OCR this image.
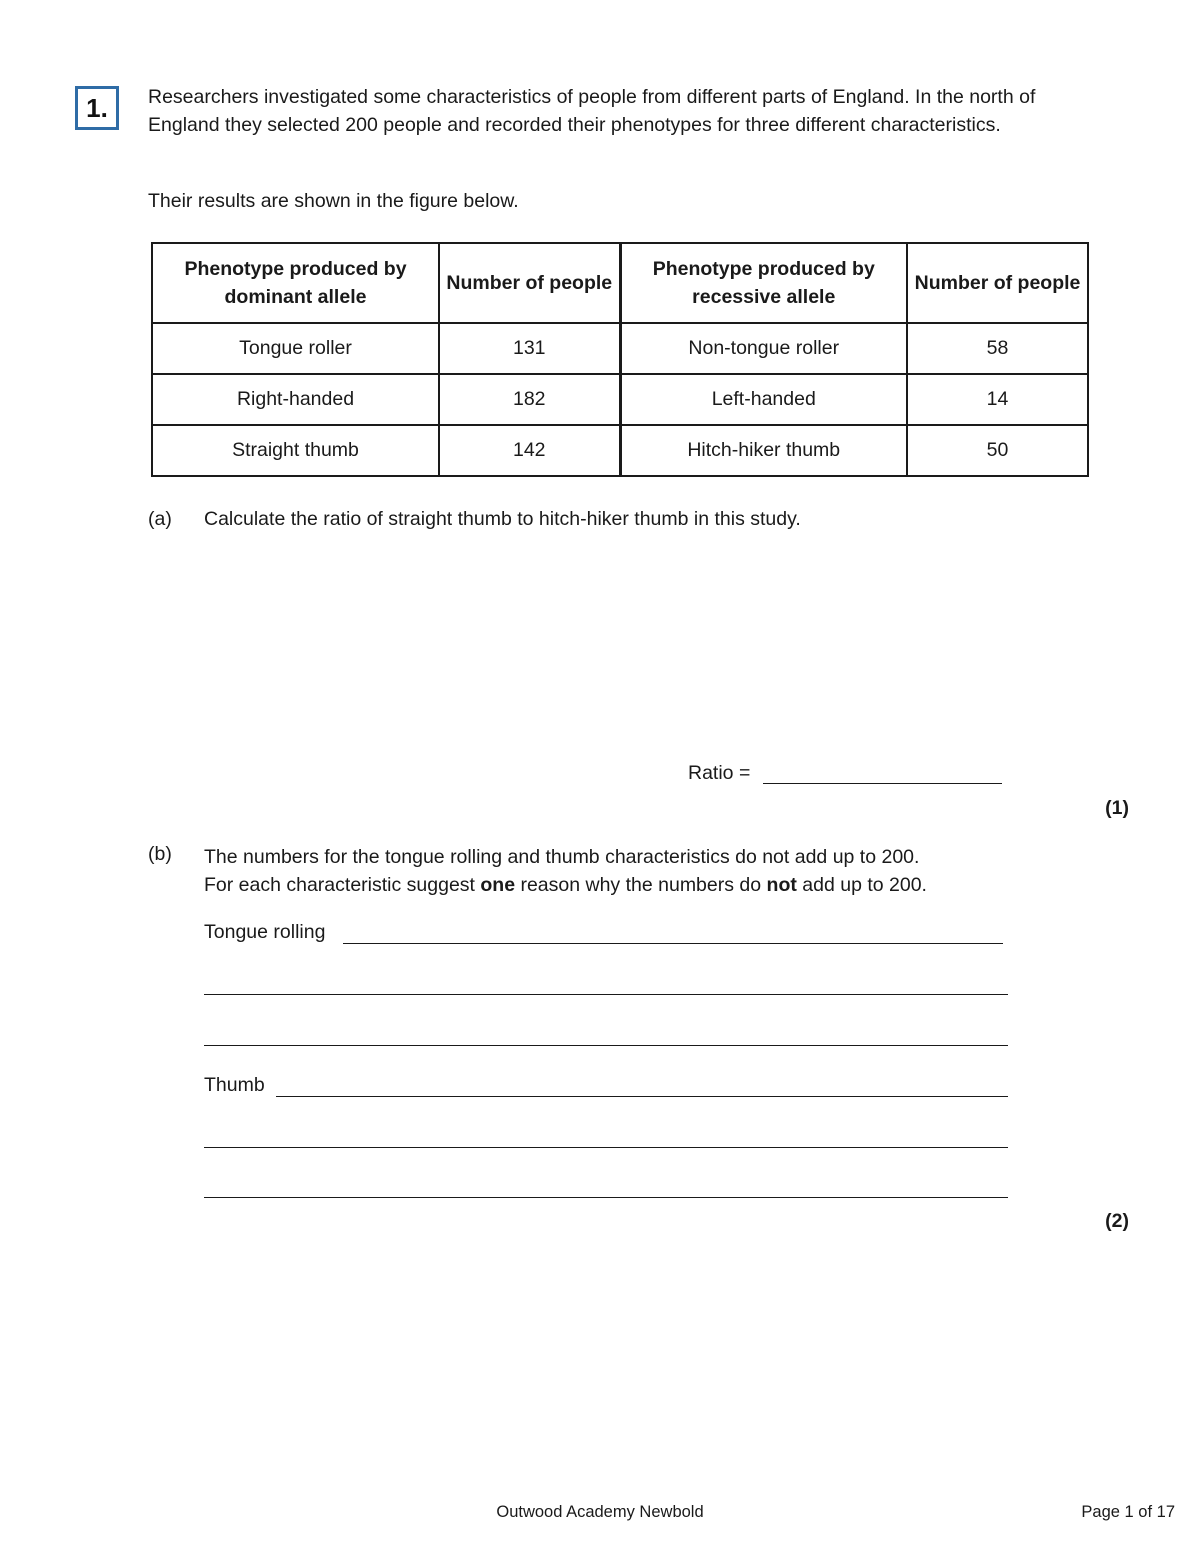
1. Researchers investigated some characteristics of people from different parts of England. In the north of England they selected 200 people and recorded their phenotypes for three different characteristics.

Their results are shown in the figure below.
Phenotype produced by dominant allele	Number of people	Phenotype produced by recessive allele	Number of people
Tongue roller	131	Non-tongue roller	58
Right-handed	182	Left-handed	14
Straight thumb	142	Hitch-hiker thumb	50
(a) Calculate the ratio of straight thumb to hitch-hiker thumb in this study.
Ratio =
(1)
(b) The numbers for the tongue rolling and thumb characteristics do not add up to 200.

For each characteristic suggest one reason why the numbers do not add up to 200.

Tongue rolling
Thumb
(2)
Outwood Academy Newbold	Page 1 of 17
